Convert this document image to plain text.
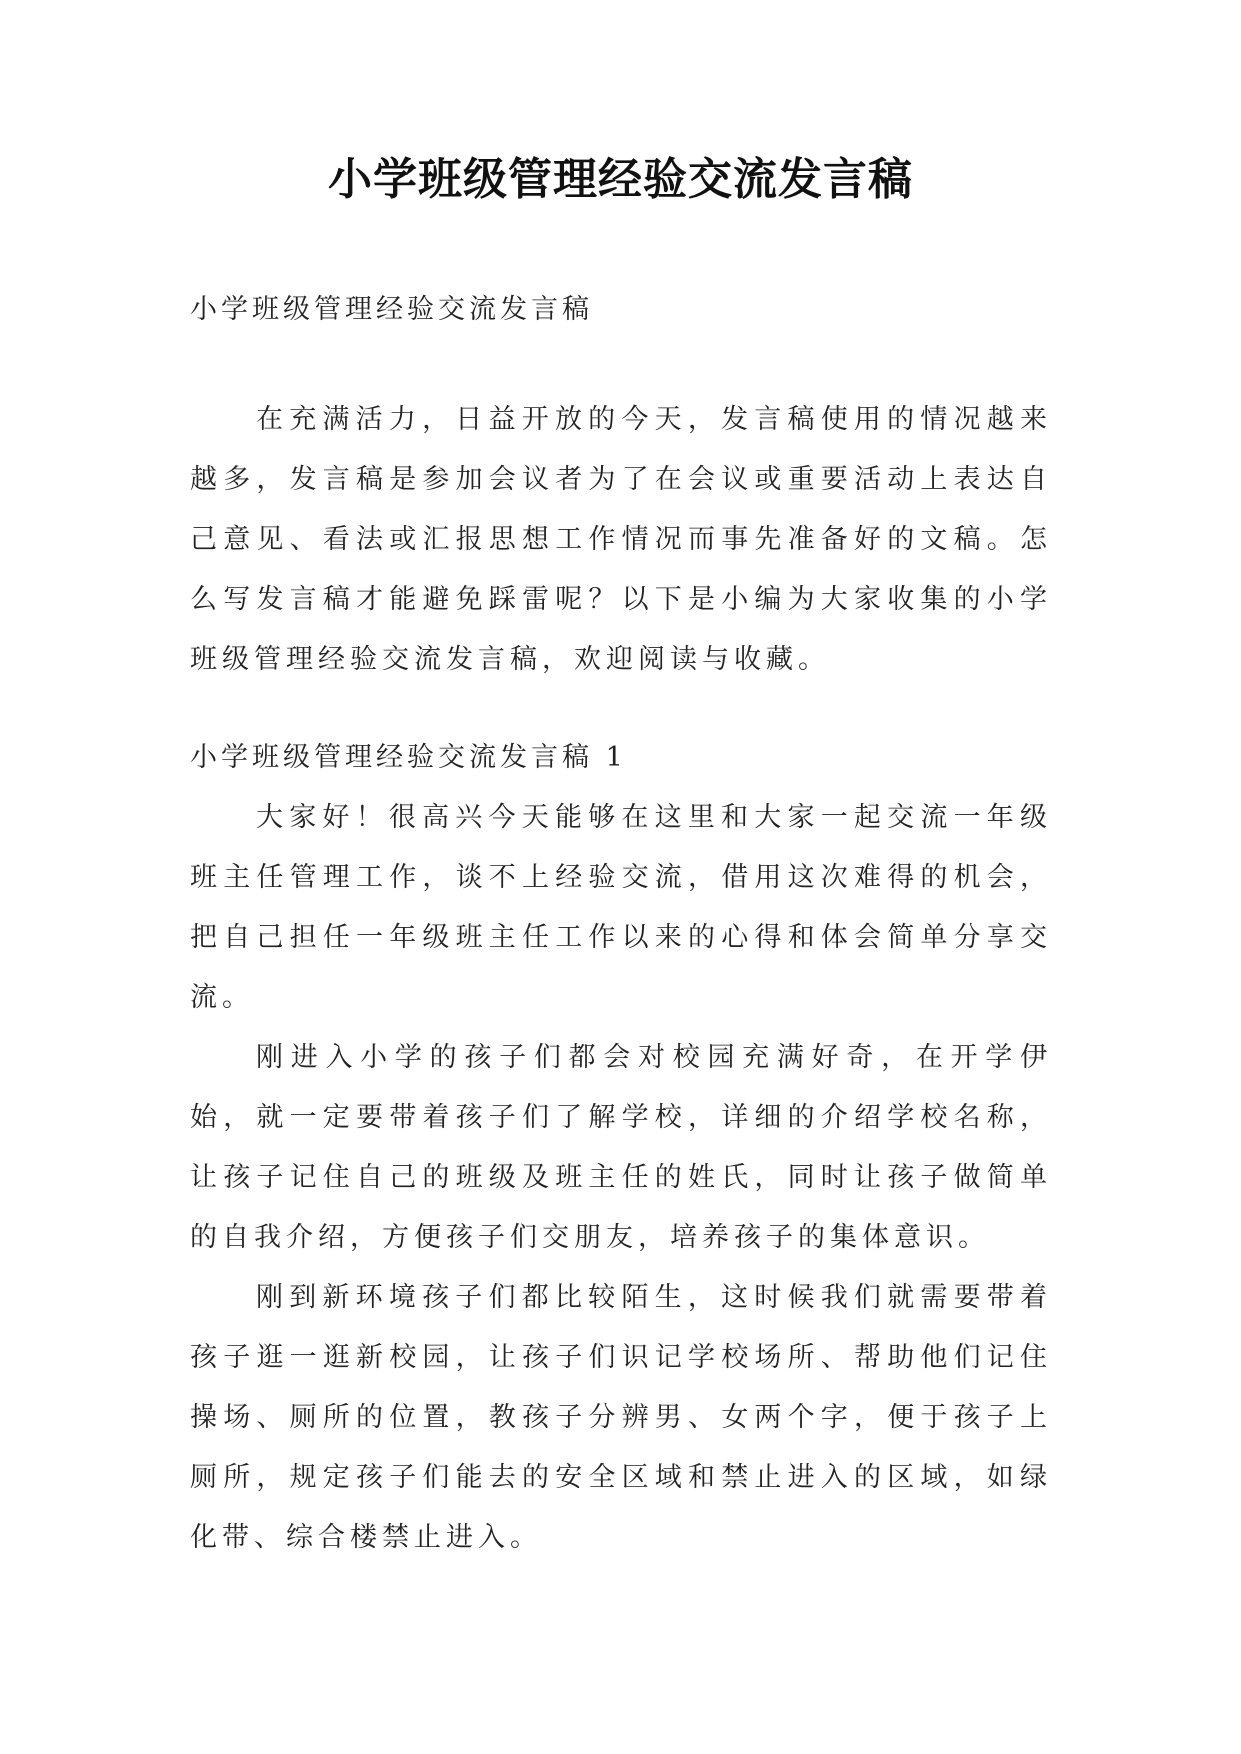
小学班级管理经验交流发言稿

小学班级管理经验交流发言稿

在充满活力，日益开放的今天，发言稿使用的情况越来越多，发言稿是参加会议者为了在会议或重要活动上表达自己意见、看法或汇报思想工作情况而事先准备好的文稿。怎么写发言稿才能避免踩雷呢？以下是小编为大家收集的小学班级管理经验交流发言稿，欢迎阅读与收藏。

小学班级管理经验交流发言稿 1

大家好！很高兴今天能够在这里和大家一起交流一年级班主任管理工作，谈不上经验交流，借用这次难得的机会，把自己担任一年级班主任工作以来的心得和体会简单分享交流。

刚进入小学的孩子们都会对校园充满好奇，在开学伊始，就一定要带着孩子们了解学校，详细的介绍学校名称，让孩子记住自己的班级及班主任的姓氏，同时让孩子做简单的自我介绍，方便孩子们交朋友，培养孩子的集体意识。

刚到新环境孩子们都比较陌生，这时候我们就需要带着孩子逛一逛新校园，让孩子们识记学校场所、帮助他们记住操场、厕所的位置，教孩子分辨男、女两个字，便于孩子上厕所，规定孩子们能去的安全区域和禁止进入的区域，如绿化带、综合楼禁止进入。
